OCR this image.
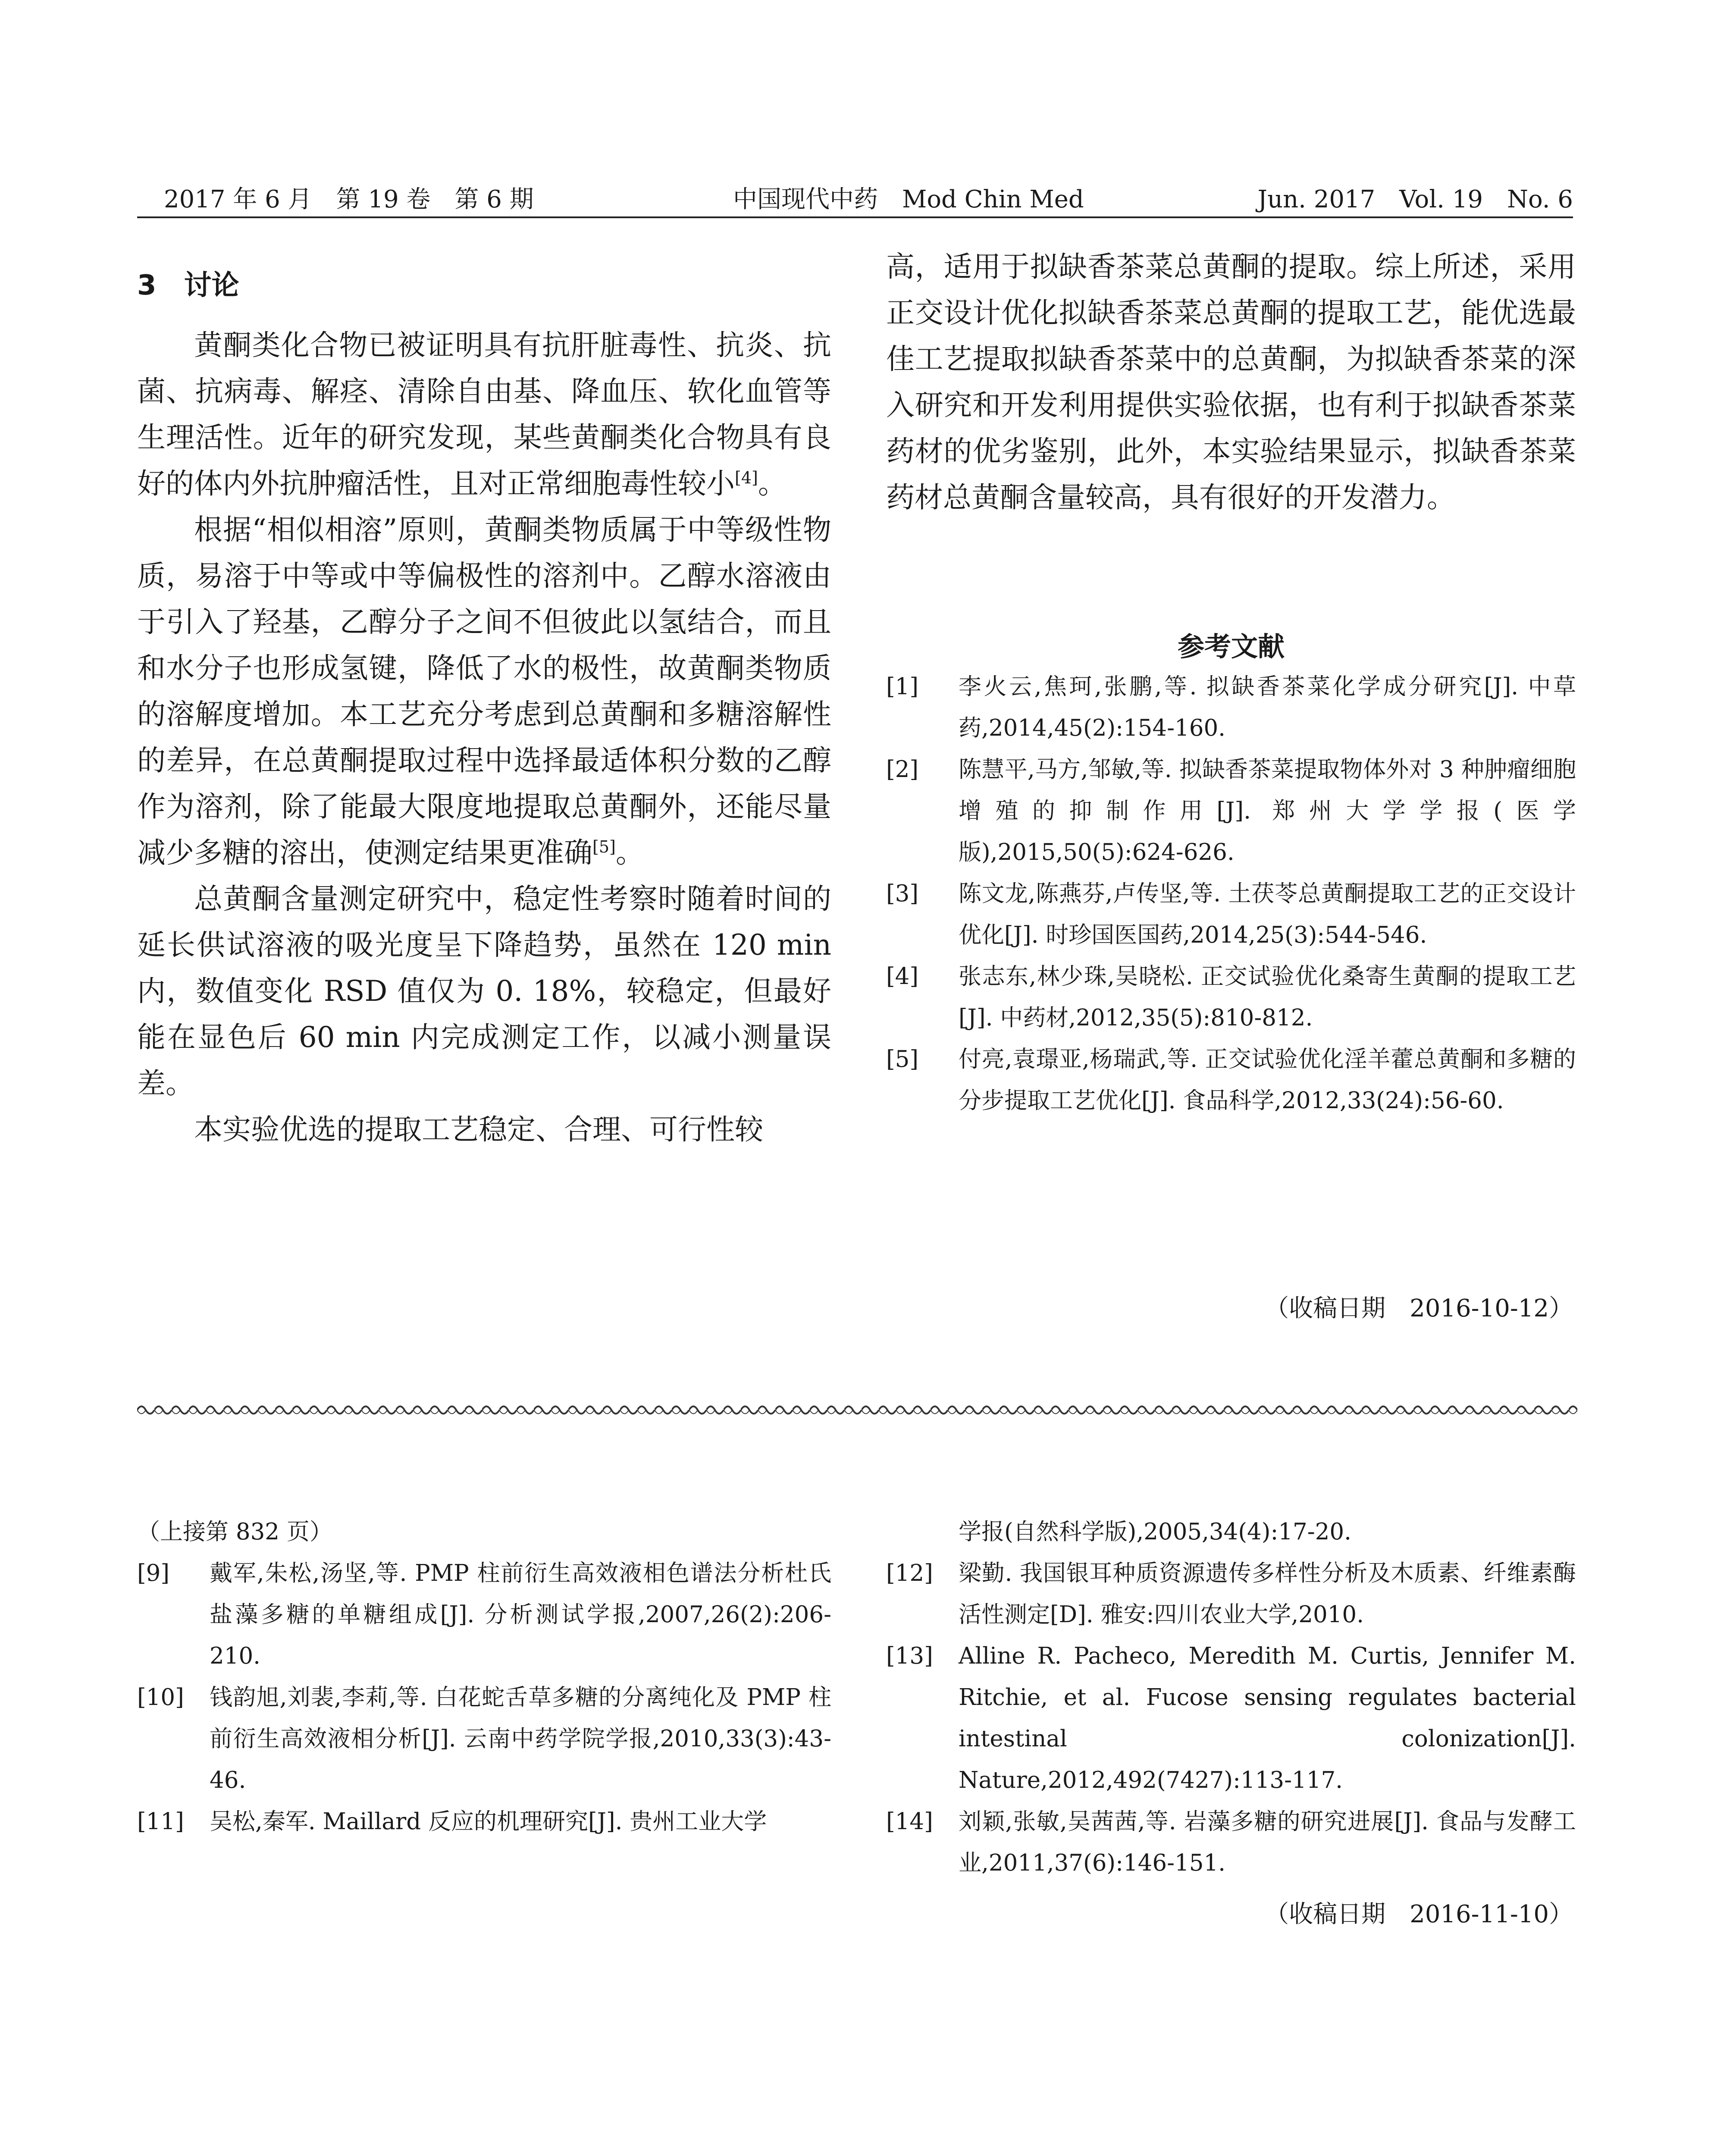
2017 年 6 月　第 19 卷　第 6 期	中国现代中药　Mod Chin Med	Jun. 2017　Vol. 19　No. 6

3　讨论

黄酮类化合物已被证明具有抗肝脏毒性、抗炎、抗菌、抗病毒、解痉、清除自由基、降血压、软化血管等生理活性。近年的研究发现，某些黄酮类化合物具有良好的体内外抗肿瘤活性，且对正常细胞毒性较小[4]。
根据“相似相溶”原则，黄酮类物质属于中等级性物质，易溶于中等或中等偏极性的溶剂中。乙醇水溶液由于引入了羟基，乙醇分子之间不但彼此以氢结合，而且和水分子也形成氢键，降低了水的极性，故黄酮类物质的溶解度增加。本工艺充分考虑到总黄酮和多糖溶解性的差异，在总黄酮提取过程中选择最适体积分数的乙醇作为溶剂，除了能最大限度地提取总黄酮外，还能尽量减少多糖的溶出，使测定结果更准确[5]。
总黄酮含量测定研究中，稳定性考察时随着时间的延长供试溶液的吸光度呈下降趋势，虽然在 120 min内，数值变化 RSD 值仅为 0. 18%，较稳定，但最好能在显色后 60 min 内完成测定工作，以减小测量误差。
本实验优选的提取工艺稳定、合理、可行性较

高，适用于拟缺香茶菜总黄酮的提取。综上所述，采用正交设计优化拟缺香茶菜总黄酮的提取工艺，能优选最佳工艺提取拟缺香茶菜中的总黄酮，为拟缺香茶菜的深入研究和开发利用提供实验依据，也有利于拟缺香茶菜药材的优劣鉴别，此外，本实验结果显示，拟缺香茶菜药材总黄酮含量较高，具有很好的开发潜力。

参考文献
[1] 李火云,焦珂,张鹏,等. 拟缺香茶菜化学成分研究[J]. 中草药,2014,45(2):154-160.
[2] 陈慧平,马方,邹敏,等. 拟缺香茶菜提取物体外对 3 种肿瘤细胞增殖的抑制作用[J]. 郑州大学学报(医学版),2015,50(5):624-626.
[3] 陈文龙,陈燕芬,卢传坚,等. 土茯苓总黄酮提取工艺的正交设计优化[J]. 时珍国医国药,2014,25(3):544-546.
[4] 张志东,林少珠,吴晓松. 正交试验优化桑寄生黄酮的提取工艺[J]. 中药材,2012,35(5):810-812.
[5] 付亮,袁璟亚,杨瑞武,等. 正交试验优化淫羊藿总黄酮和多糖的分步提取工艺优化[J]. 食品科学,2012,33(24):56-60.
（收稿日期　2016-10-12）

（上接第 832 页）

[9] 戴军,朱松,汤坚,等. PMP 柱前衍生高效液相色谱法分析杜氏盐藻多糖的单糖组成[J]. 分析测试学报,2007,26(2):206-210.
[10] 钱韵旭,刘裴,李莉,等. 白花蛇舌草多糖的分离纯化及 PMP 柱前衍生高效液相分析[J]. 云南中药学院学报,2010,33(3):43-46.
[11] 吴松,秦军. Maillard 反应的机理研究[J]. 贵州工业大学

学报(自然科学版),2005,34(4):17-20.

[12] 梁勤. 我国银耳种质资源遗传多样性分析及木质素、纤维素酶活性测定[D]. 雅安:四川农业大学,2010.
[13] Alline R. Pacheco, Meredith M. Curtis, Jennifer M. Ritchie, et al. Fucose sensing regulates bacterial intestinal colonization[J]. Nature,2012,492(7427):113-117.
[14] 刘颖,张敏,吴茜茜,等. 岩藻多糖的研究进展[J]. 食品与发酵工业,2011,37(6):146-151.
（收稿日期　2016-11-10）
